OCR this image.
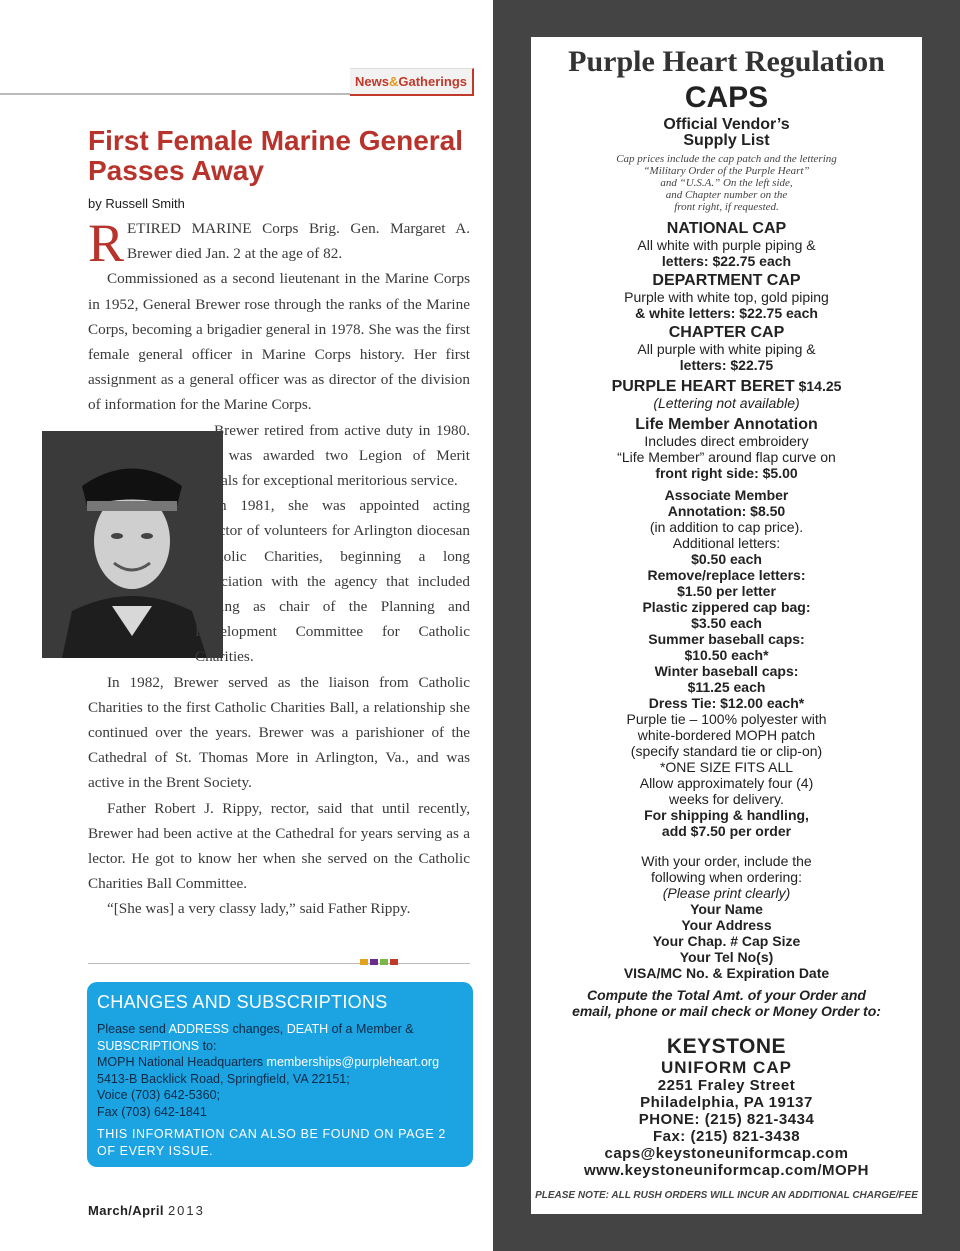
News & Gatherings
First Female Marine General Passes Away
by Russell Smith

RETIRED MARINE Corps Brig. Gen. Margaret A. Brewer died Jan. 2 at the age of 82.

Commissioned as a second lieutenant in the Marine Corps in 1952, General Brewer rose through the ranks of the Marine Corps, becoming a brigadier general in 1978. She was the first female general officer in Marine Corps history. Her first assignment as a general officer was as director of the division of information for the Marine Corps.

Brewer retired from active duty in 1980. She was awarded two Legion of Merit medals for exceptional meritorious service.

In 1981, she was appointed acting director of volunteers for Arlington diocesan Catholic Charities, beginning a long association with the agency that included serving as chair of the Planning and Development Committee for Catholic Charities.

In 1982, Brewer served as the liaison from Catholic Charities to the first Catholic Charities Ball, a relationship she continued over the years. Brewer was a parishioner of the Cathedral of St. Thomas More in Arlington, Va., and was active in the Brent Society.

Father Robert J. Rippy, rector, said that until recently, Brewer had been active at the Cathedral for years serving as a lector. He got to know her when she served on the Catholic Charities Ball Committee.

“[She was] a very classy lady,” said Father Rippy.

CHANGES AND SUBSCRIPTIONS
Please send ADDRESS changes, DEATH of a Member &
SUBSCRIPTIONS to:
MOPH National Headquarters memberships@purpleheart.org
5413-B Backlick Road, Springfield, VA 22151;
Voice (703) 642-5360;
Fax (703) 642-1841
THIS INFORMATION CAN ALSO BE FOUND ON PAGE 2 OF EVERY ISSUE.
March/April 2013
Purple Heart Regulation
CAPS
Official Vendor’s
Supply List
Cap prices include the cap patch and the lettering
“Military Order of the Purple Heart”
and “U.S.A.” On the left side,
and Chapter number on the
front right, if requested.
NATIONAL CAP
All white with purple piping &
letters: $22.75 each
DEPARTMENT CAP
Purple with white top, gold piping
& white letters: $22.75 each
CHAPTER CAP
All purple with white piping &
letters: $22.75
PURPLE HEART BERET $14.25
(Lettering not available)
Life Member Annotation
Includes direct embroidery
“Life Member” around flap curve on
front right side: $5.00
Associate Member
Annotation: $8.50
(in addition to cap price).
Additional letters:
$0.50 each
Remove/replace letters:
$1.50 per letter
Plastic zippered cap bag:
$3.50 each
Summer baseball caps:
$10.50 each*
Winter baseball caps:
$11.25 each
Dress Tie: $12.00 each*
Purple tie – 100% polyester with
white-bordered MOPH patch
(specify standard tie or clip-on)
*ONE SIZE FITS ALL
Allow approximately four (4)
weeks for delivery.
For shipping & handling,
add $7.50 per order
With your order, include the
following when ordering:
(Please print clearly)
Your Name
Your Address
Your Chap. # Cap Size
Your Tel No(s)
VISA/MC No. & Expiration Date
Compute the Total Amt. of your Order and
email, phone or mail check or Money Order to:
KEYSTONE
UNIFORM CAP
2251 Fraley Street
Philadelphia, PA 19137
PHONE: (215) 821-3434
Fax: (215) 821-3438
caps@keystoneuniformcap.com
www.keystoneuniformcap.com/MOPH
PLEASE NOTE: ALL RUSH ORDERS WILL INCUR AN ADDITIONAL CHARGE/FEE
